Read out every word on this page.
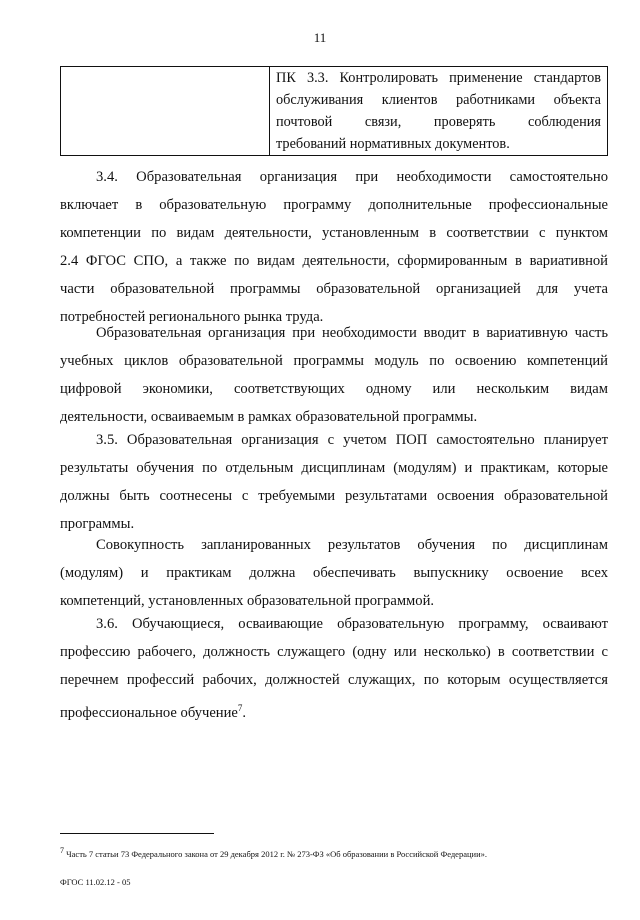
11

ПК 3.3. Контролировать применение стандартов
обслуживания клиентов работниками объекта
почтовой связи, проверять соблюдения
требований нормативных документов.
3.4. Образовательная организация при необходимости самостоятельно
включает в образовательную программу дополнительные профессиональные
компетенции по видам деятельности, установленным в соответствии с пунктом
2.4 ФГОС СПО, а также по видам деятельности, сформированным в вариативной
части образовательной программы образовательной организацией для учета
потребностей регионального рынка труда.
Образовательная организация при необходимости вводит в вариативную часть
учебных циклов образовательной программы модуль по освоению компетенций
цифровой экономики, соответствующих одному или нескольким видам
деятельности, осваиваемым в рамках образовательной программы.
3.5. Образовательная организация с учетом ПОП самостоятельно планирует
результаты обучения по отдельным дисциплинам (модулям) и практикам, которые
должны быть соотнесены с требуемыми результатами освоения образовательной
программы.
Совокупность запланированных результатов обучения по дисциплинам
(модулям) и практикам должна обеспечивать выпускнику освоение всех
компетенций, установленных образовательной программой.
3.6. Обучающиеся, осваивающие образовательную программу, осваивают
профессию рабочего, должность служащего (одну или несколько) в соответствии с
перечнем профессий рабочих, должностей служащих, по которым осуществляется
профессиональное обучение$^7$.
$^7$ Часть 7 статьи 73 Федерального закона от 29 декабря 2012 г. № 273-ФЗ «Об образовании в Российской Федерации».
ФГОС 11.02.12 - 05
